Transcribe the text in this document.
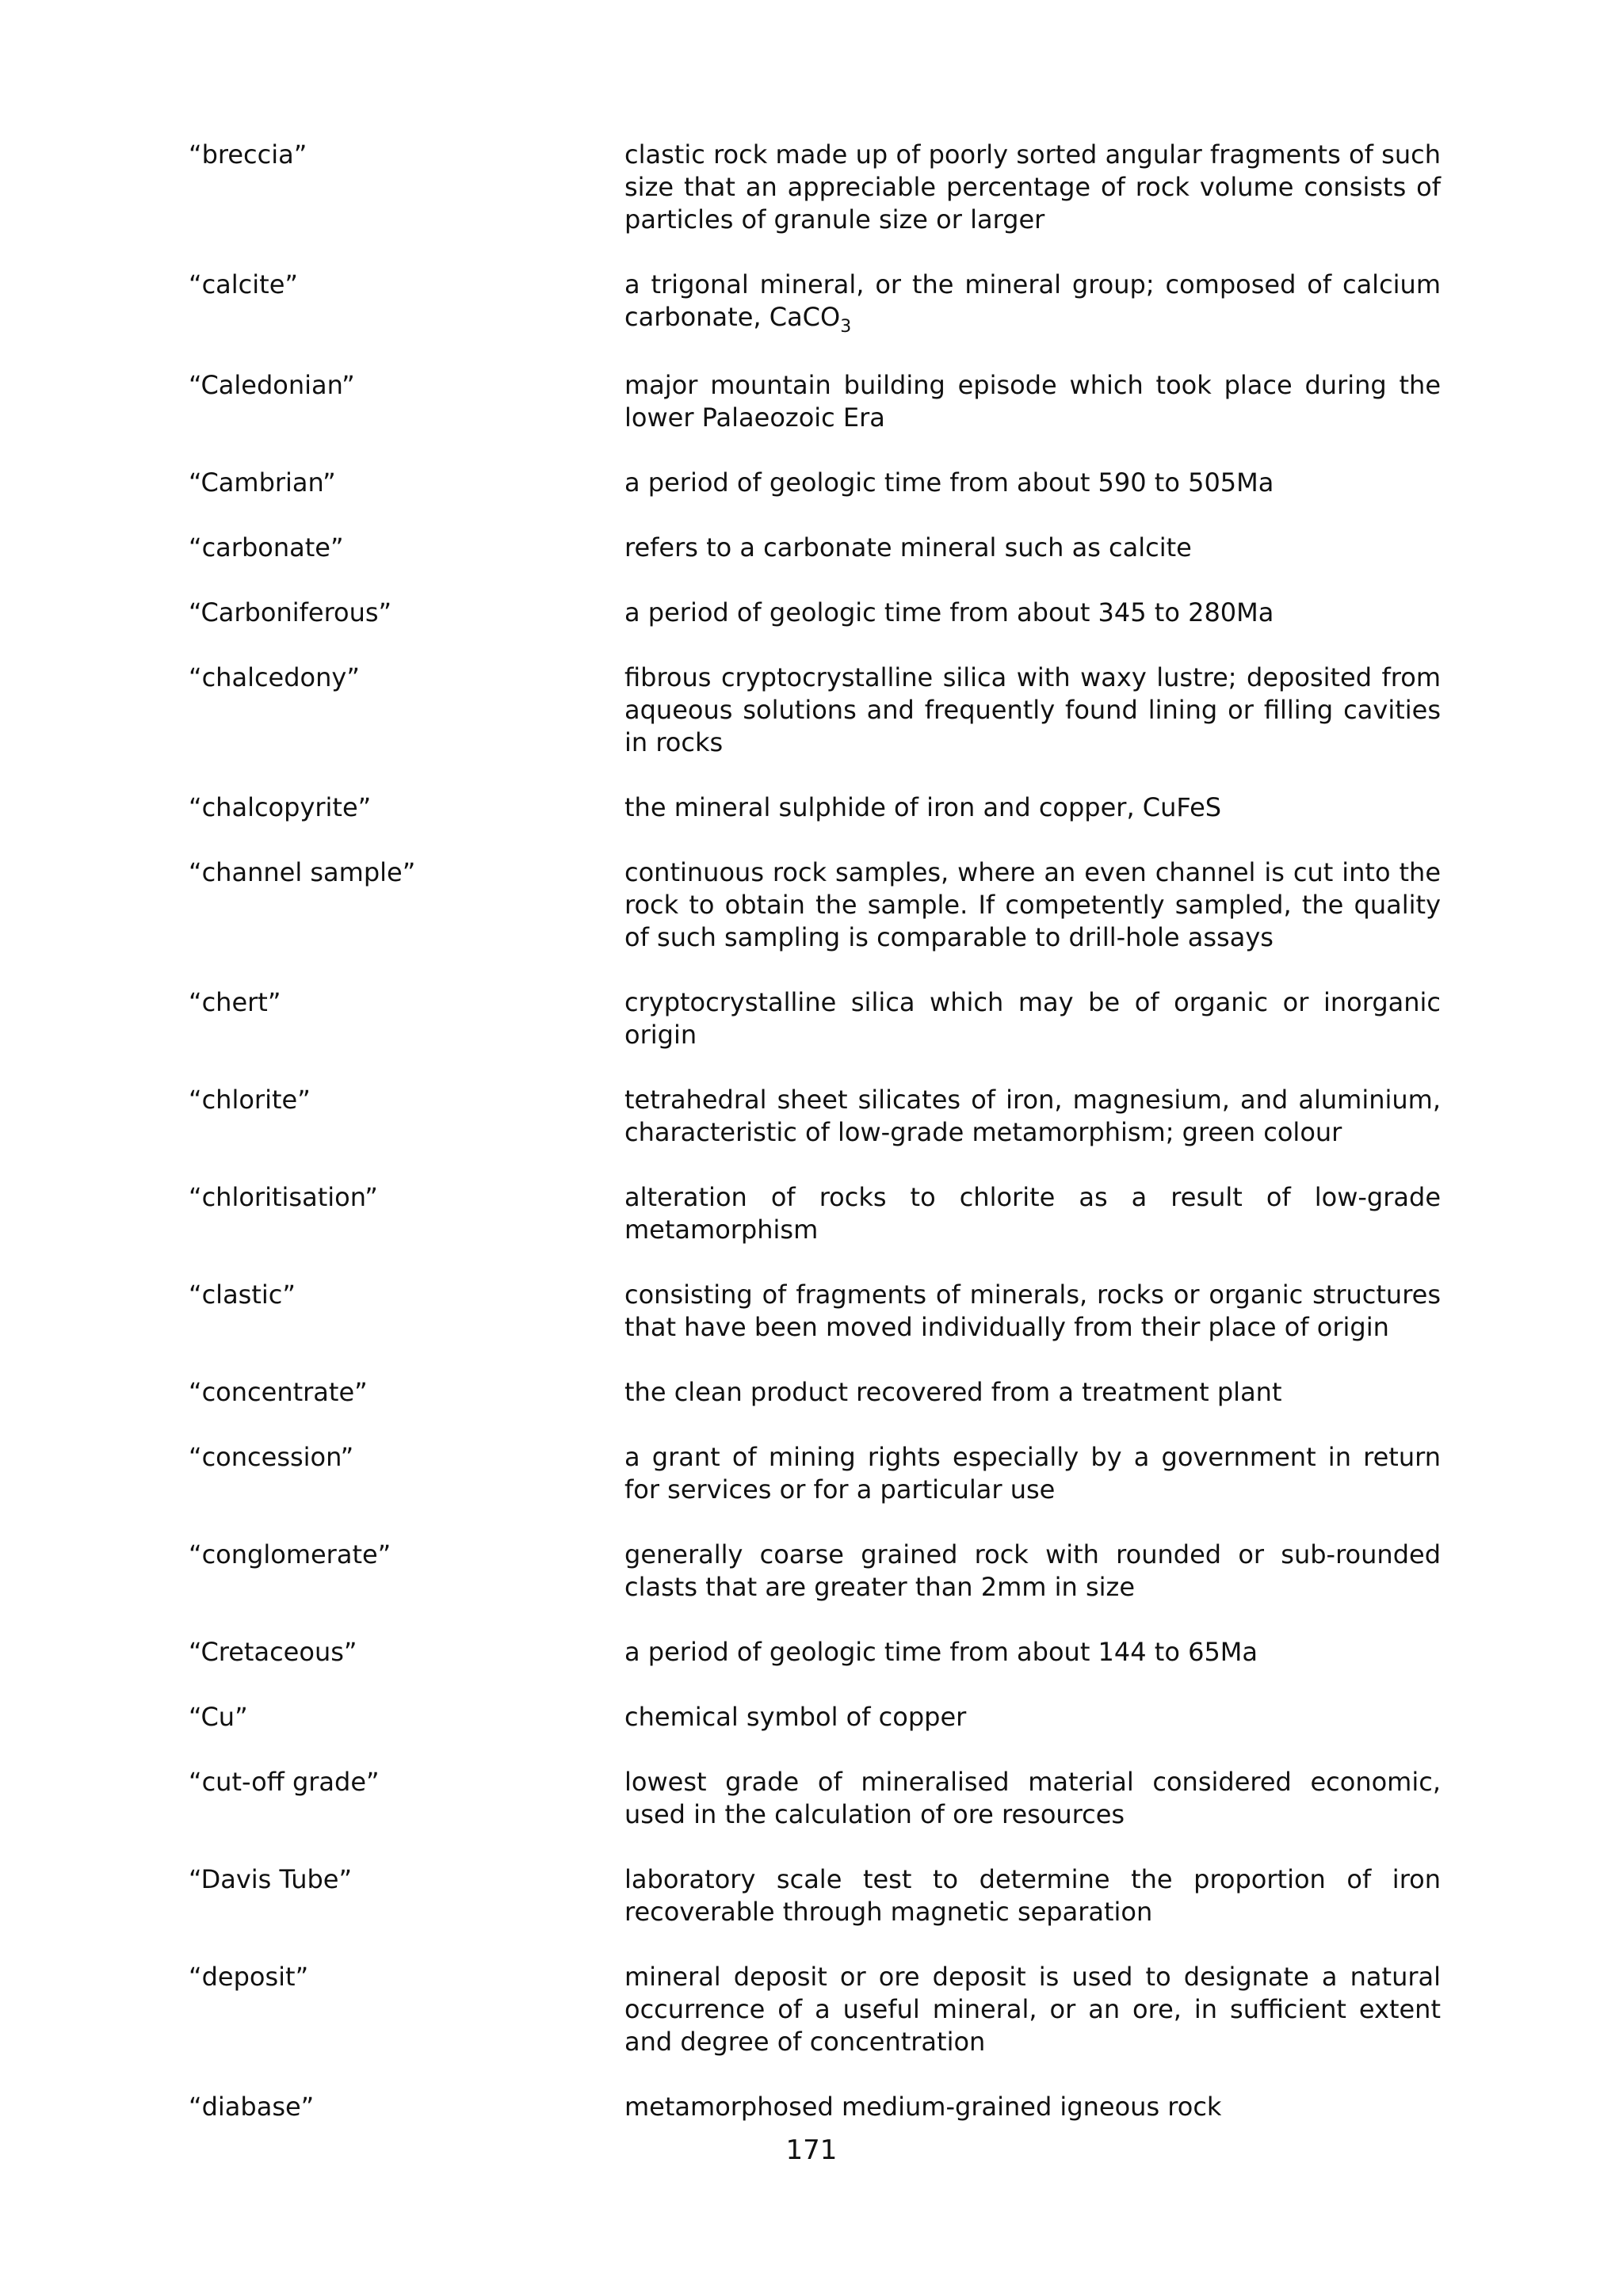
“breccia”	clastic rock made up of poorly sorted angular fragments of such size that an appreciable percentage of rock volume consists of particles of granule size or larger
“calcite”	a trigonal mineral, or the mineral group; composed of calcium carbonate, CaCO$_3$
“Caledonian”	major mountain building episode which took place during the lower Palaeozoic Era
“Cambrian”	a period of geologic time from about 590 to 505Ma
“carbonate”	refers to a carbonate mineral such as calcite
“Carboniferous”	a period of geologic time from about 345 to 280Ma
“chalcedony”	fibrous cryptocrystalline silica with waxy lustre; deposited from aqueous solutions and frequently found lining or filling cavities in rocks
“chalcopyrite”	the mineral sulphide of iron and copper, CuFeS
“channel sample”	continuous rock samples, where an even channel is cut into the rock to obtain the sample. If competently sampled, the quality of such sampling is comparable to drill-hole assays
“chert”	cryptocrystalline silica which may be of organic or inorganic origin
“chlorite”	tetrahedral sheet silicates of iron, magnesium, and aluminium, characteristic of low-grade metamorphism; green colour
“chloritisation”	alteration of rocks to chlorite as a result of low-grade metamorphism
“clastic”	consisting of fragments of minerals, rocks or organic structures that have been moved individually from their place of origin
“concentrate”	the clean product recovered from a treatment plant
“concession”	a grant of mining rights especially by a government in return for services or for a particular use
“conglomerate”	generally coarse grained rock with rounded or sub-rounded clasts that are greater than 2mm in size
“Cretaceous”	a period of geologic time from about 144 to 65Ma
“Cu”	chemical symbol of copper
“cut-off grade”	lowest grade of mineralised material considered economic, used in the calculation of ore resources
“Davis Tube”	laboratory scale test to determine the proportion of iron recoverable through magnetic separation
“deposit”	mineral deposit or ore deposit is used to designate a natural occurrence of a useful mineral, or an ore, in sufficient extent and degree of concentration
“diabase”	metamorphosed medium-grained igneous rock
171
